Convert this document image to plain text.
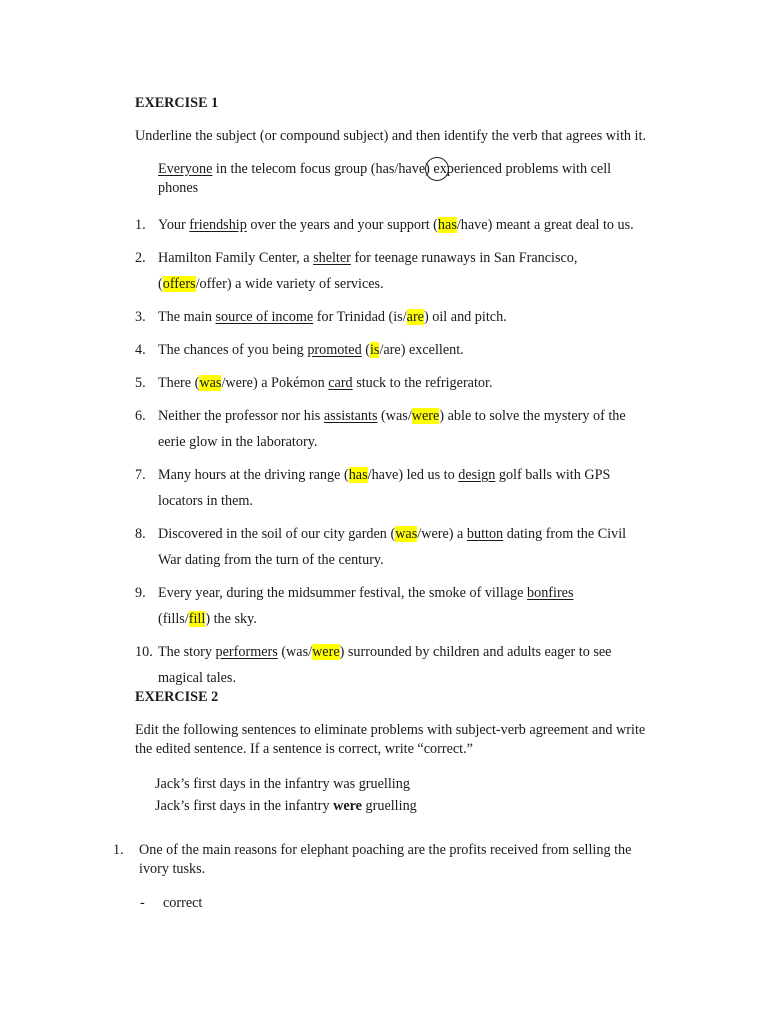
EXERCISE 1
Underline the subject (or compound subject) and then identify the verb that agrees with it.
Everyone in the telecom focus group (has/have)
experienced problems with cell
phones
1. Your friendship over the years and your support (has/have) meant a great deal to us.
2. Hamilton Family Center, a shelter for teenage runaways in San Francisco,
(offers/offer) a wide variety of services.
3. The main source of income for Trinidad (is/are) oil and pitch.
4. The chances of you being promoted (is/are) excellent.
5. There (was/were) a Pokémon card stuck to the refrigerator.
6. Neither the professor nor his assistants (was/were) able to solve the mystery of the
eerie glow in the laboratory.
7. Many hours at the driving range (has/have) led us to design golf balls with GPS
locators in them.
8. Discovered in the soil of our city garden (was/were) a button dating from the Civil
War dating from the turn of the century.
9. Every year, during the midsummer festival, the smoke of village bonfires
(fills/fill) the sky.
10. The story performers (was/were) surrounded by children and adults eager to see
magical tales.
EXERCISE 2
Edit the following sentences to eliminate problems with subject-verb agreement and write
the edited sentence. If a sentence is correct, write “correct.”
Jack’s first days in the infantry was gruelling
Jack’s first days in the infantry were gruelling
1.	One of the main reasons for elephant poaching are the profits received from selling the
ivory tusks.
- correct
